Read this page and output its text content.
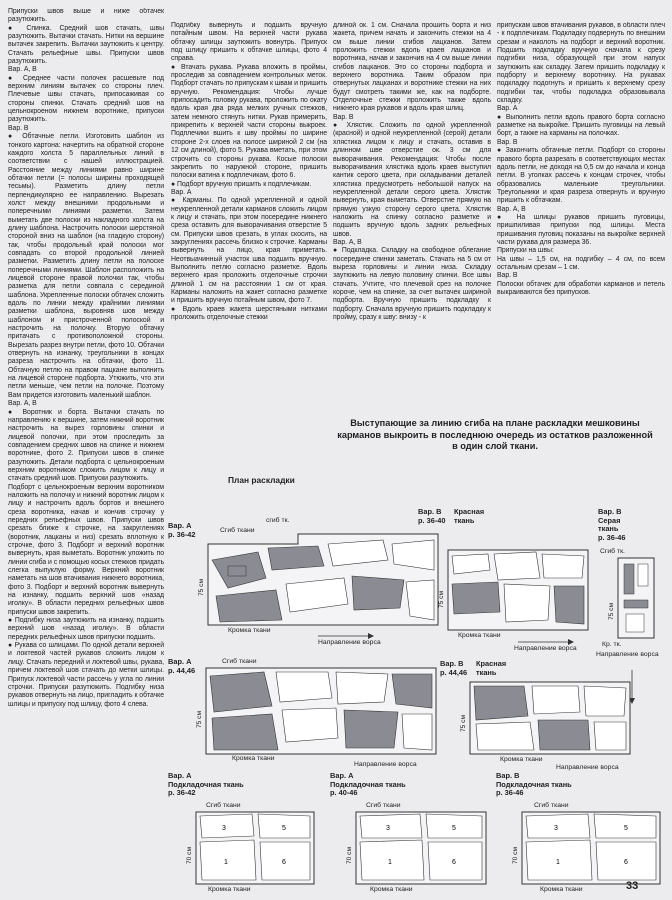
Припуски швов выше и ниже обтачек разутюжить.
● Спинка. Средний шов стачать, швы разутюжить. Вытачки стачать. Нитки на вершине вытачек закрепить. Вытачки заутюжить к центру. Стачать рельефные швы. Припуски швов разутюжить.
Вар. А, В
● Среднее части полочек расшевьте под верхним линиям вытачек со стороны плеч. Плечевые швы стачать, припосаживая со стороны спинки. Стачать средний шов на цельнокроеном нижнем воротнике, припуски разутюжить.
Вар. В
● Обтачные петли. Изготовить шаблон из тонкого картона: начертить на обратной стороне каждого холста 5 параллельных линий в соответствии с нашей иллюстрацией. Расстояние между линиями равно ширине обтачки петли (= полосы ширины проходящей тесьмы). Разметить длину петли перпендикулярно ее направлению. Вырезать холст между внешними продольными и поперечными линиями разметки. Затем выметать две полоски из накладного холста на длину шаблона. Настрочить полоски шерстяной стороной вниз на шаблон (на гладкую сторону) так, чтобы продольный край полоски мог совпадать со второй продольной линией разметки. Разметить длину петли на полоске поперечными линиями. Шаблон расположить на лицевой стороне правой полочки так, чтобы разметка для петли совпала с серединой шаблона. Укрепленные полоски обтачек сложить вдоль по линии между крайними линиями разметки шаблона, выровняв шов между шаблоном и пристроченной полоской и настрочить на полочку. Вторую обтачку притачать с противоположной стороны. Вырезать разрез внутри петли, фото 10. Обтачки отвернуть на изнанку, треугольники в концах разреза настрочить на обтачки, фото 11. Обтачную петлю на правом пацкане выполнить на лицевой стороне подборта. Утюжить, что эти петли меньше, чем петли на полочке. Поэтому Вам придется изготовить маленький шаблон.
Вар. А, В
● Воротник и борта. Вытачки стачать по направлению к вершине, затем нижний воротник настрочить на вырез горловины спинки и лицевой полочки, при этом проследить за совпадением средних швов на спинке и нижнем воротнике, фото 2. Припуски швов в спинке разутюжить. Детали подборта с цельнокроеным верхним воротником сложить лицом к лицу и стачать средний шов. Припуски разутюжить.
Подборт с цельнокроеным верхним воротником наложить на полочку и нижний воротник лицом к лицу и настрочить вдоль бортов и внешнего среза воротника, начав и кончив строчку у передних рельефных швов. Припуски швов срезать ближе к строчке, на закруглениях (воротник, лацканы и низ) срезать вплотную к строчке, фото 3. Подборт и верхний воротник вывернуть, края выметать. Воротник уложить по линии сгиба и с помощью косых стежков придать слегка выпуклую форму. Верхний воротник наметать на шов втачивания нижнего воротника, фото 3. Подборт и верхний воротник вывернуть на изнанку, подшить верхний шов «назад иголку». В области передних рельефных швов припуски швов закрепить.
● Подгибку низа заутюжить на изнанку, подшить верхний шов «назад иголку». В области передних рельефных швов припуски подшить.
● Рукава со шлицами. По одной детали верхней и локтевой частей рукавов сложить лицом к лицу. Стачать передний и локтевой швы, рукава, причем локтевой шов стачать до метки шлицы. Припуск локтевой части рассечь у угла по линии строчки. Припуски разутюжить. Подгибку низа рукавов отвернуть на лицо, пригладить к обтачке шлицы и припуску под шлицу, фото 4 слева.

Подгибку вывернуть и подшить вручную потайным швом. На верхней части рукава обтачку шлицы заутюжить вовнутрь. Припуск под шлицу пришить к обтачке шлицы, фото 4 справа.
● Втачать рукава. Рукава вложить в проймы, проследив за совпадением контрольных меток. Подборт стачать по припускам к швам и пришить вручную. Рекомендация: Чтобы лучше припосадить головку рукава, проложить по окату вдоль края два ряда мелких ручных стежков, затем немного стянуть нитки. Рукав примерить, прикрепить к верхней части стороны выкроек. Подплечики вшить к шву проймы по ширине стороне 2-х слоев на полосе шириной 2 см (на 12 см длиной), фото 5. Рукава вметать, при этом строчить со стороны рукава. Косые полоски закрепить по наружной стороне, пришить полоски ватина к подплечикам, фото 6.
● Подборт вручную пришить к подплечикам.
Вар. А
● Карманы. По одной укрепленной и одной неукрепленной детали карманов сложить лицом к лицу и стачать, при этом посередине нижнего среза оставить для выворачивания отверстие 5 см. Припуски швов срезать, в углах скосить, на закруглениях рассечь близко к строчке. Карманы вывернуть на лицо, края приметать. Неотвыачинный участок шва подшить вручную. Выполнить петлю согласно разметке. Вдоль верхнего края проложить отделочные строчки длиной 1 см на расстоянии 1 см от края. Карманы наложить на жакет согласно разметке и пришить вручную потайным швом, фото 7.
● Вдоль краев жакета шерстяными нитками проложить отделочные стежки

длиной ок. 1 см. Сначала прошить борта и низ жакета, причем начать и закончить стежки на 4 см выше линии сгибов лацканов. Затем проложить стежки вдоль краев лацканов и воротника, начав и закончив на 4 см выше линии сгибов лацканов. Это со стороны подборта и верхнего воротника. Таким образом при отвернутых лацканах и воротнике стежки на них будут смотреть такими же, как на подборте. Отделочные стежки проложить также вдоль нижнего края рукавов и вдоль края шлиц.
Вар. В
● Хлястик. Сложить по одной укрепленной (красной) и одной неукрепленной (серой) детали хлястика лицом к лицу и стачать, оставив в длинном шве отверстие ок. 3 см для выворачивания. Рекомендация: Чтобы после выворачивания хлястика вдоль краев выступил кантик серого цвета, при складывании деталей хлястика предусмотреть небольшой напуск на неукрепленной детали серого цвета. Хлястик вывернуть, края выметать. Отверстие прямую на прямую узкую сторону серого цвета. Хлястик наложить на спинку согласно разметке и подшить вручную вдоль задних рельефных швов.
Вар. А, В
● Подкладка. Складку на свободное облегание посередине спинки заметать. Стачать на 5 см от выреза горловины и линии низа. Складку заутюжить на левую половину спинки. Все швы стачать. Учтите, что плечевой срез на полочке короче, чем на спинке, за счет вытачек шириной подборта. Вручную пришить подкладку к подборту. Сначала вручную пришить подкладку к пройму, сразу к шву: внизу - к

припускам швов втачивания рукавов, в области плеч - к подплечикам. Подкладку подвернуть по внешним срезам и наколоть на подборт и верхний воротник. Подшить подкладку вручную сначала к срезу подгибки низа, образующей при этом напуск заутюжить как складку. Затем пришить подкладку к подборту и верхнему воротнику. На рукавах подкладку подогнуть и пришить к верхнему срезу подгибки так, чтобы подкладка образовывала складку.
Вар. А
● Выполнить петли вдоль правого борта согласно разметке на выкройке. Пришить пуговицы на левый борт, а также на карманы на полочках.
Вар. В
● Закончить обтачные петли. Подборт со стороны правого борта разрезать в соответствующих местах вдоль петли, не доходя на 0,5 см до начала и конца петли. В уголках рассечь к концам строчек, чтобы образовались маленькие треугольники. Треугольники и края разреза отвернуть и вручную пришить к обтачкам.
Вар. А, В
● На шлицы рукавов пришить пуговицы, пришпиливая припуски под шлицы. Места пришивания пуговиц показаны на выкройке верхней части рукава для размера 36.
Припуски на швы:
На швы – 1,5 см, на подгибку – 4 см, по всем остальным срезам – 1 см.
Вар. В
Полоски обтачек для обработки карманов и петель выкраиваются без припусков.

Выступающие за линию сгиба на плане раскладки мешковины карманов выкроить в последнюю очередь из остатков разложенной в один слой ткани.
План раскладки
Вар. А
р. 36-42	Сгиб ткани
сгиб тк.
Кромка ткани
Направление ворса
75 см
Вар. В
р. 36-40
Красная
ткань
Кромка ткани
Направление ворса
75 см
Вар. В
Серая
ткань
р. 36-46
Сгиб тк.
Кр. тк.
Направление ворса
75 см
Вар. А
р. 44,46
Сгиб ткани
Кромка ткани
Направление ворса
75 см
Вар. В
р. 44,46
Красная
ткань
Кромка ткани
Направление ворса
75 см
Вар. А
Подкладочная ткань
р. 36-42
Сгиб ткани
3	5
1	6
Кромка ткани
70 см
Вар. А
Подкладочная ткань
р. 40-46
Сгиб ткани
3	5
1	6
Кромка ткани
70 см
Вар. В
Подкладочная ткань
р. 36-46
Сгиб ткани
3	5
1	6
Кромка ткани
70 см
33
